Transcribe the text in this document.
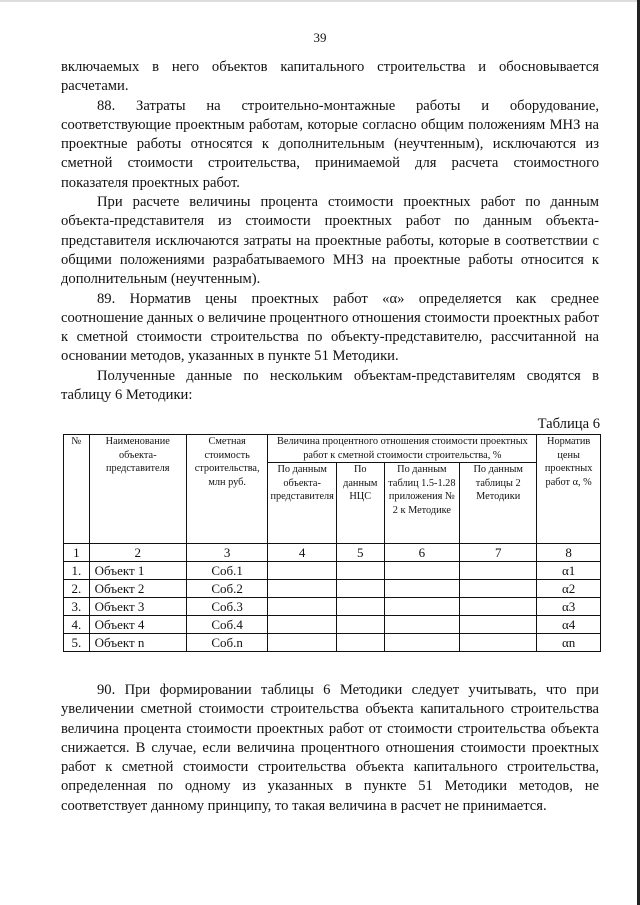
39

включаемых в него объектов капитального строительства и обосновывается расчетами.

88. Затраты на строительно-монтажные работы и оборудование, соответствующие проектным работам, которые согласно общим положениям МНЗ на проектные работы относятся к дополнительным (неучтенным), исключаются из сметной стоимости строительства, принимаемой для расчета стоимостного показателя проектных работ.

При расчете величины процента стоимости проектных работ по данным объекта-представителя из стоимости проектных работ по данным объекта-представителя исключаются затраты на проектные работы, которые в соответствии с общими положениями разрабатываемого МНЗ на проектные работы относится к дополнительным (неучтенным).

89. Норматив цены проектных работ «α» определяется как среднее соотношение данных о величине процентного отношения стоимости проектных работ к сметной стоимости строительства по объекту-представителю, рассчитанной на основании методов, указанных в пункте 51 Методики.

Полученные данные по нескольким объектам-представителям сводятся в таблицу 6 Методики:

Таблица 6
№	Наименование объекта-представителя	Сметная стоимость строительства, млн руб.	Величина процентного отношения стоимости проектных работ к сметной стоимости строительства, %				Норматив цены проектных работ α, %
			По данным объекта-представителя	По данным НЦС	По данным таблиц 1.5-1.28 приложения № 2 к Методике	По данным таблицы 2 Методики	
1	2	3	4	5	6	7	8
1.	Объект 1	Соб.1					α1
2.	Объект 2	Соб.2					α2
3.	Объект 3	Соб.3					α3
4.	Объект 4	Соб.4					α4
5.	Объект n	Соб.n					αn

90. При формировании таблицы 6 Методики следует учитывать, что при увеличении сметной стоимости строительства объекта капитального строительства величина процента стоимости проектных работ от стоимости строительства объекта снижается. В случае, если величина процентного отношения стоимости проектных работ к сметной стоимости строительства объекта капитального строительства, определенная по одному из указанных в пункте 51 Методики методов, не соответствует данному принципу, то такая величина в расчет не принимается.
